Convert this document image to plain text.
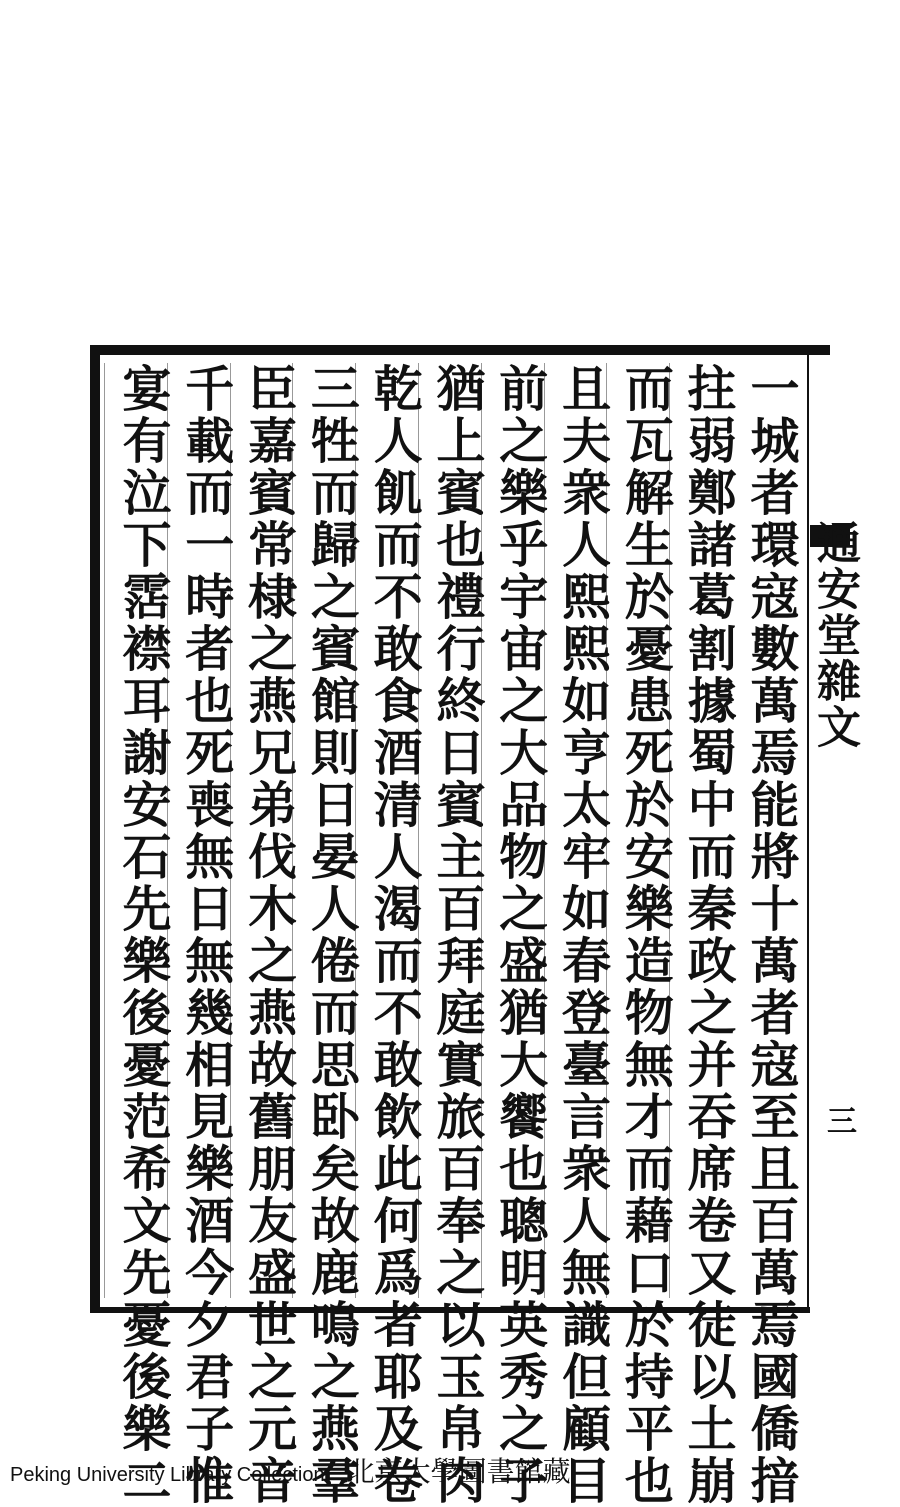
一城者環寇數萬焉能將十萬者寇至且百萬焉國僑揞
拄弱鄭諸葛割據蜀中而秦政之并吞席卷又徒以土崩
而瓦解生於憂患死於安樂造物無才而藉口於持平也
且夫衆人熙熙如亨太牢如春登臺言衆人無識但顧目
前之樂乎宇宙之大品物之盛猶大饗也聰明英秀之子
猶上賓也禮行終日賓主百拜庭實旅百奉之以玉帛肉
乾人飢而不敢食酒清人渴而不敢飲此何爲者耶及卷
三牲而歸之賓館則日晏人倦而思卧矣故鹿鳴之燕羣
臣嘉賓常棣之燕兄弟伐木之燕故舊朋友盛世之元音
千載而一時者也死喪無日無幾相見樂酒今夕君子惟
宴有泣下霑襟耳謝安石先樂後憂范希文先憂後樂二	通安堂雜文
三
Peking University Library Collection 北京大學圖書館藏
